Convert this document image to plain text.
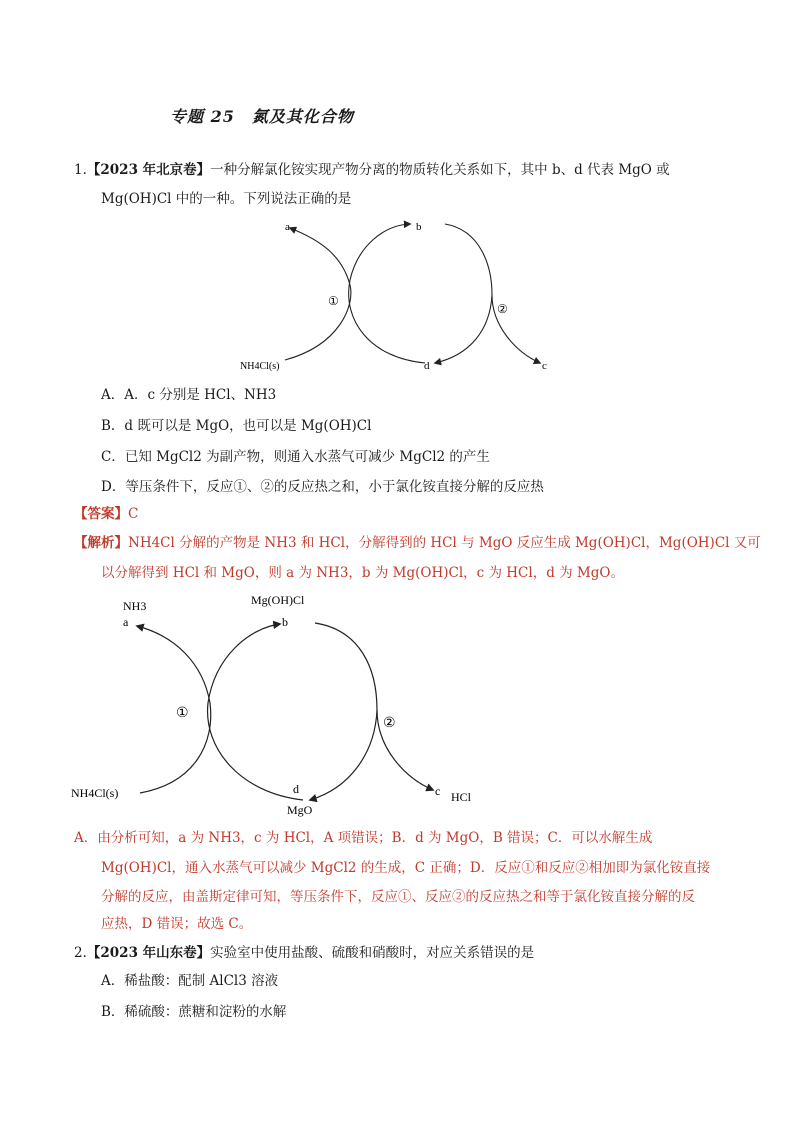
专题 25　氮及其化合物
1.【2023 年北京卷】一种分解氯化铵实现产物分离的物质转化关系如下，其中 b、d 代表 MgO 或
Mg(OH)Cl 中的一种。下列说法正确的是
a	b
①
②
d	c
NH4Cl(s)
A．A．c 分别是 HCl、NH3
B．d 既可以是 MgO，也可以是 Mg(OH)Cl
C．已知 MgCl2 为副产物，则通入水蒸气可减少 MgCl2 的产生
D．等压条件下，反应①、②的反应热之和，小于氯化铵直接分解的反应热
【答案】C
【解析】NH4Cl 分解的产物是 NH3 和 HCl，分解得到的 HCl 与 MgO 反应生成 Mg(OH)Cl，Mg(OH)Cl 又可
以分解得到 HCl 和 MgO，则 a 为 NH3，b 为 Mg(OH)Cl，c 为 HCl，d 为 MgO。
NH3
a
Mg(OH)Cl
b
①
②
d
MgO
c HCl
NH4Cl(s)
A．由分析可知，a 为 NH3，c 为 HCl，A 项错误；B．d 为 MgO，B 错误；C．可以水解生成
Mg(OH)Cl，通入水蒸气可以减少 MgCl2 的生成，C 正确；D．反应①和反应②相加即为氯化铵直接
分解的反应，由盖斯定律可知，等压条件下，反应①、反应②的反应热之和等于氯化铵直接分解的反
应热，D 错误；故选 C。
2.【2023 年山东卷】实验室中使用盐酸、硫酸和硝酸时，对应关系错误的是
A．稀盐酸：配制 AlCl3 溶液
B．稀硫酸：蔗糖和淀粉的水解
